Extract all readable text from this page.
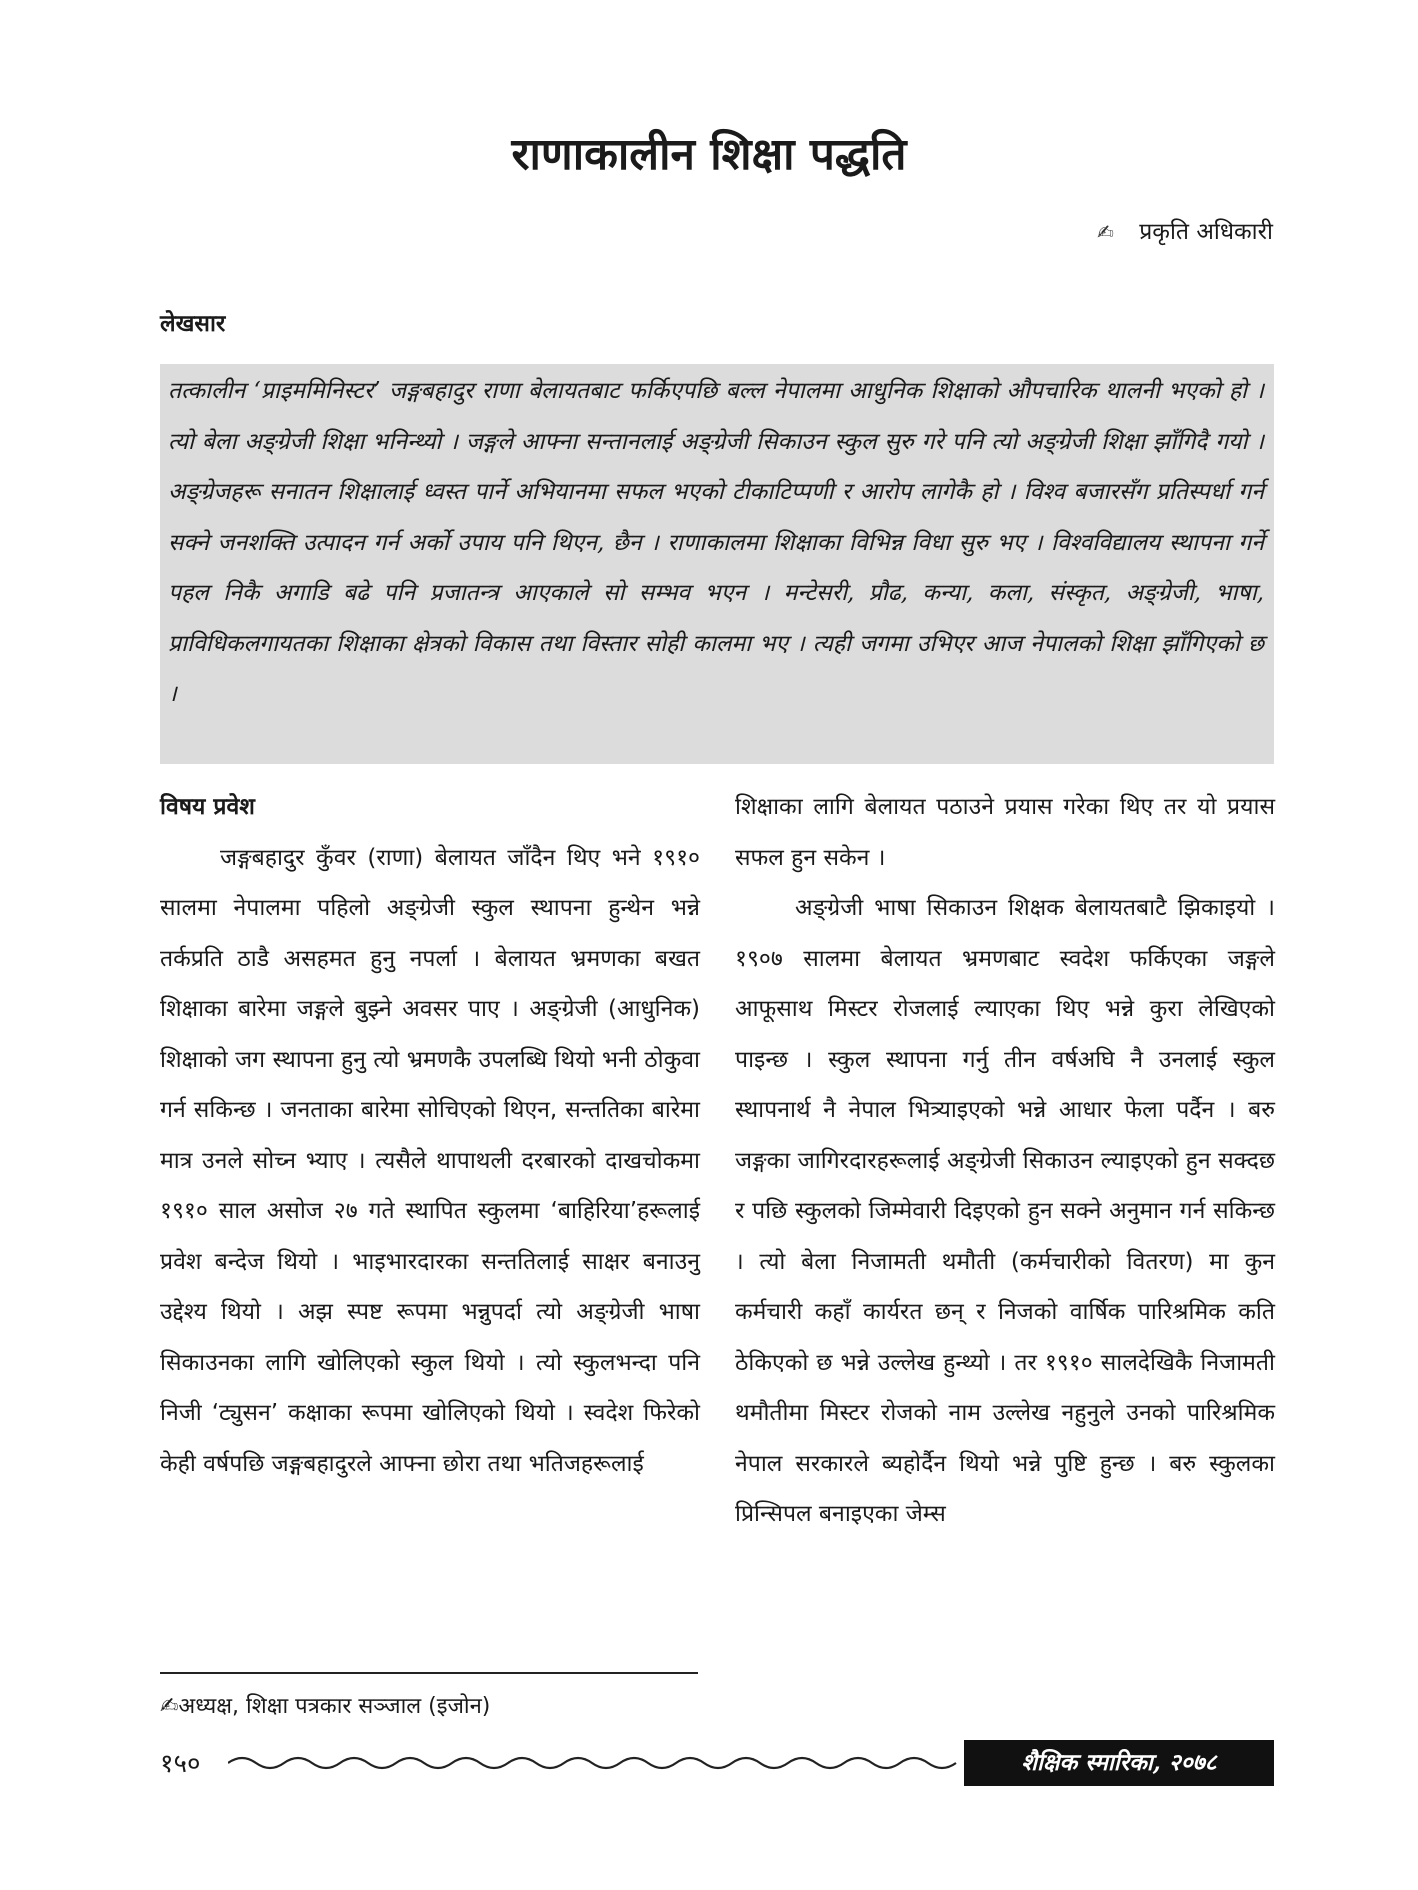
राणाकालीन शिक्षा पद्धति
✍ प्रकृति अधिकारी
लेखसार

तत्कालीन ‘प्राइममिनिस्टर’ जङ्गबहादुर राणा बेलायतबाट फर्किएपछि बल्ल नेपालमा आधुनिक शिक्षाको औपचारिक थालनी भएको हो । त्यो बेला अङ्ग्रेजी शिक्षा भनिन्थ्यो । जङ्गले आफ्ना सन्तानलाई अङ्ग्रेजी सिकाउन स्कुल सुरु गरे पनि त्यो अङ्ग्रेजी शिक्षा झाँगिदै गयो । अङ्ग्रेजहरू सनातन शिक्षालाई ध्वस्त पार्ने अभियानमा सफल भएको टीकाटिप्पणी र आरोप लागेकै हो । विश्व बजारसँग प्रतिस्पर्धा गर्न सक्ने जनशक्ति उत्पादन गर्न अर्को उपाय पनि थिएन, छैन । राणाकालमा शिक्षाका विभिन्न विधा सुरु भए । विश्वविद्यालय स्थापना गर्ने पहल निकै अगाडि बढे पनि प्रजातन्त्र आएकाले सो सम्भव भएन । मन्टेसरी, प्रौढ, कन्या, कला, संस्कृत, अङ्ग्रेजी, भाषा, प्राविधिकलगायतका शिक्षाका क्षेत्रको विकास तथा विस्तार सोही कालमा भए । त्यही जगमा उभिएर आज नेपालको शिक्षा झाँगिएको छ ।

विषय प्रवेश

जङ्गबहादुर कुँवर (राणा) बेलायत जाँदैन थिए भने १९१० सालमा नेपालमा पहिलो अङ्ग्रेजी स्कुल स्थापना हुन्थेन भन्ने तर्कप्रति ठाडै असहमत हुनु नपर्ला । बेलायत भ्रमणका बखत शिक्षाका बारेमा जङ्गले बुझ्ने अवसर पाए । अङ्ग्रेजी (आधुनिक) शिक्षाको जग स्थापना हुनु त्यो भ्रमणकै उपलब्धि थियो भनी ठोकुवा गर्न सकिन्छ । जनताका बारेमा सोचिएको थिएन, सन्ततिका बारेमा मात्र उनले सोच्न भ्याए । त्यसैले थापाथली दरबारको दाखचोकमा १९१० साल असोज २७ गते स्थापित स्कुलमा ‘बाहिरिया’हरूलाई प्रवेश बन्देज थियो । भाइभारदारका सन्ततिलाई साक्षर बनाउनु उद्देश्य थियो । अझ स्पष्ट रूपमा भन्नुपर्दा त्यो अङ्ग्रेजी भाषा सिकाउनका लागि खोलिएको स्कुल थियो । त्यो स्कुलभन्दा पनि निजी ‘ट्युसन’ कक्षाका रूपमा खोलिएको थियो । स्वदेश फिरेको केही वर्षपछि जङ्गबहादुरले आफ्ना छोरा तथा भतिजहरूलाई

शिक्षाका लागि बेलायत पठाउने प्रयास गरेका थिए तर यो प्रयास सफल हुन सकेन ।

अङ्ग्रेजी भाषा सिकाउन शिक्षक बेलायतबाटै झिकाइयो । १९०७ सालमा बेलायत भ्रमणबाट स्वदेश फर्किएका जङ्गले आफूसाथ मिस्टर रोजलाई ल्याएका थिए भन्ने कुरा लेखिएको पाइन्छ । स्कुल स्थापना गर्नु तीन वर्षअघि नै उनलाई स्कुल स्थापनार्थ नै नेपाल भित्र्याइएको भन्ने आधार फेला पर्दैन । बरु जङ्गका जागिरदारहरूलाई अङ्ग्रेजी सिकाउन ल्याइएको हुन सक्दछ र पछि स्कुलको जिम्मेवारी दिइएको हुन सक्ने अनुमान गर्न सकिन्छ । त्यो बेला निजामती थमौती (कर्मचारीको वितरण) मा कुन कर्मचारी कहाँ कार्यरत छन् र निजको वार्षिक पारिश्रमिक कति ठेकिएको छ भन्ने उल्लेख हुन्थ्यो । तर १९१० सालदेखिकै निजामती थमौतीमा मिस्टर रोजको नाम उल्लेख नहुनुले उनको पारिश्रमिक नेपाल सरकारले ब्यहोर्दैन थियो भन्ने पुष्टि हुन्छ । बरु स्कुलका प्रिन्सिपल बनाइएका जेम्स

✍अध्यक्ष, शिक्षा पत्रकार सञ्जाल (इजोन)
१५०	शैक्षिक स्मारिका, २०७८
